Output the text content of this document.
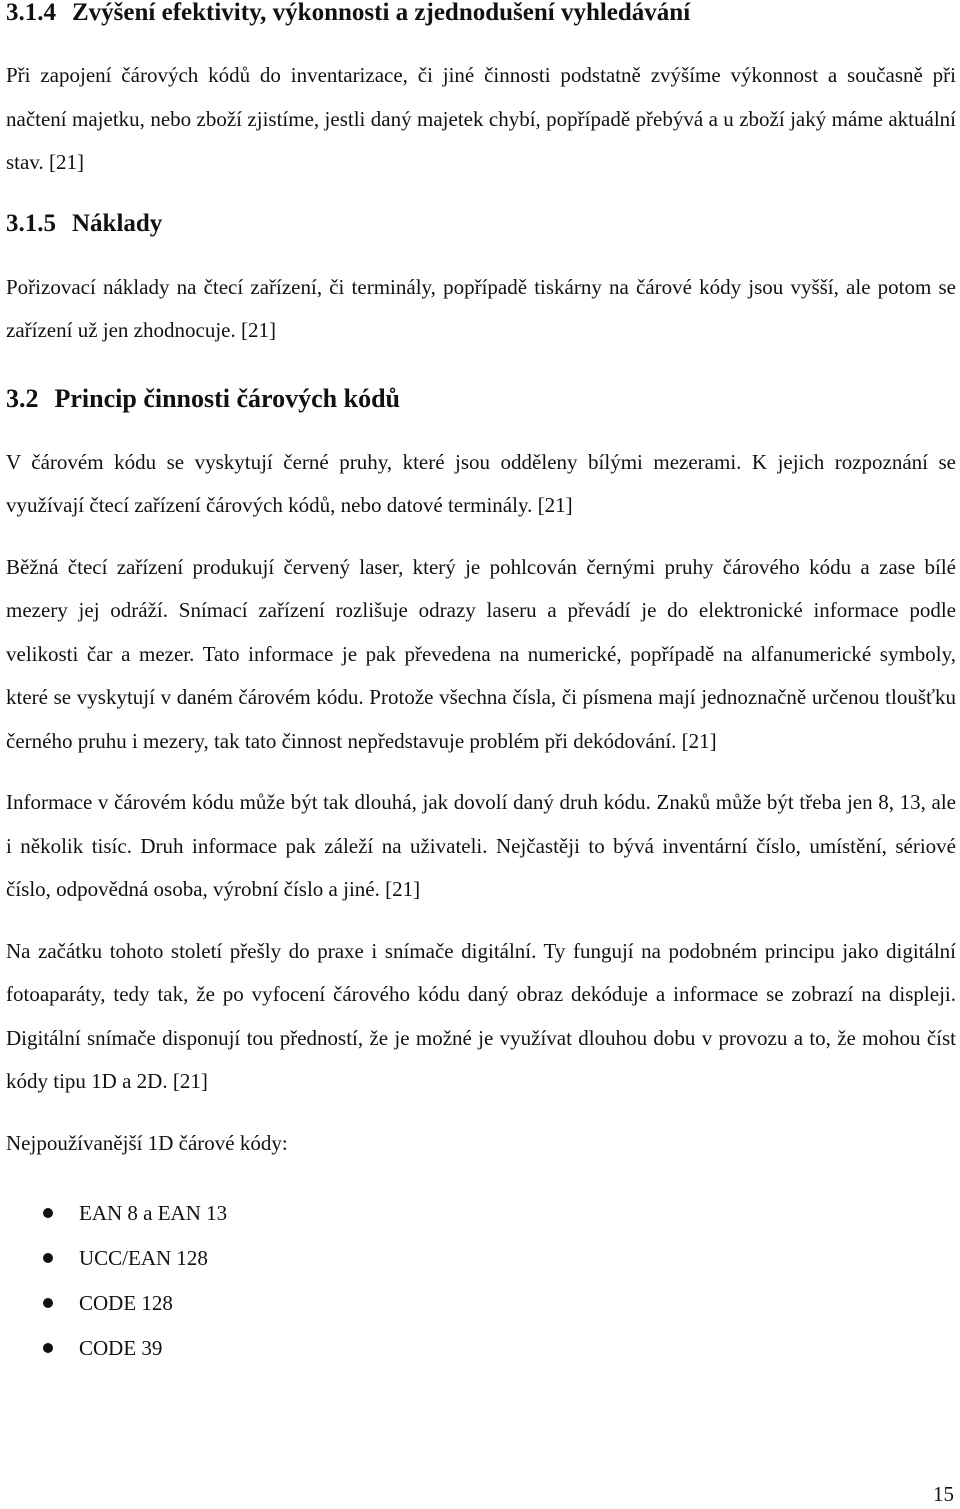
3.1.4 Zvýšení efektivity, výkonnosti a zjednodušení vyhledávání

Při zapojení čárových kódů do inventarizace, či jiné činnosti podstatně zvýšíme výkonnost a současně při načtení majetku, nebo zboží zjistíme, jestli daný majetek chybí, popřípadě přebývá a u zboží jaký máme aktuální stav. [21]

3.1.5 Náklady

Pořizovací náklady na čtecí zařízení, či terminály, popřípadě tiskárny na čárové kódy jsou vyšší, ale potom se zařízení už jen zhodnocuje. [21]

3.2 Princip činnosti čárových kódů

V čárovém kódu se vyskytují černé pruhy, které jsou odděleny bílými mezerami. K jejich rozpoznání se využívají čtecí zařízení čárových kódů, nebo datové terminály. [21]

Běžná čtecí zařízení produkují červený laser, který je pohlcován černými pruhy čárového kódu a zase bílé mezery jej odráží. Snímací zařízení rozlišuje odrazy laseru a převádí je do elektronické informace podle velikosti čar a mezer. Tato informace je pak převedena na numerické, popřípadě na alfanumerické symboly, které se vyskytují v daném čárovém kódu. Protože všechna čísla, či písmena mají jednoznačně určenou tloušťku černého pruhu i mezery, tak tato činnost nepředstavuje problém při dekódování. [21]

Informace v čárovém kódu může být tak dlouhá, jak dovolí daný druh kódu. Znaků může být třeba jen 8, 13, ale i několik tisíc. Druh informace pak záleží na uživateli. Nejčastěji to bývá inventární číslo, umístění, sériové číslo, odpovědná osoba, výrobní číslo a jiné. [21]

Na začátku tohoto století přešly do praxe i snímače digitální. Ty fungují na podobném principu jako digitální fotoaparáty, tedy tak, že po vyfocení čárového kódu daný obraz dekóduje a informace se zobrazí na displeji. Digitální snímače disponují tou předností, že je možné je využívat dlouhou dobu v provozu a to, že mohou číst kódy tipu 1D a 2D. [21]

Nejpoužívanější 1D čárové kódy:

EAN 8 a EAN 13
UCC/EAN 128
CODE 128
CODE 39
15
